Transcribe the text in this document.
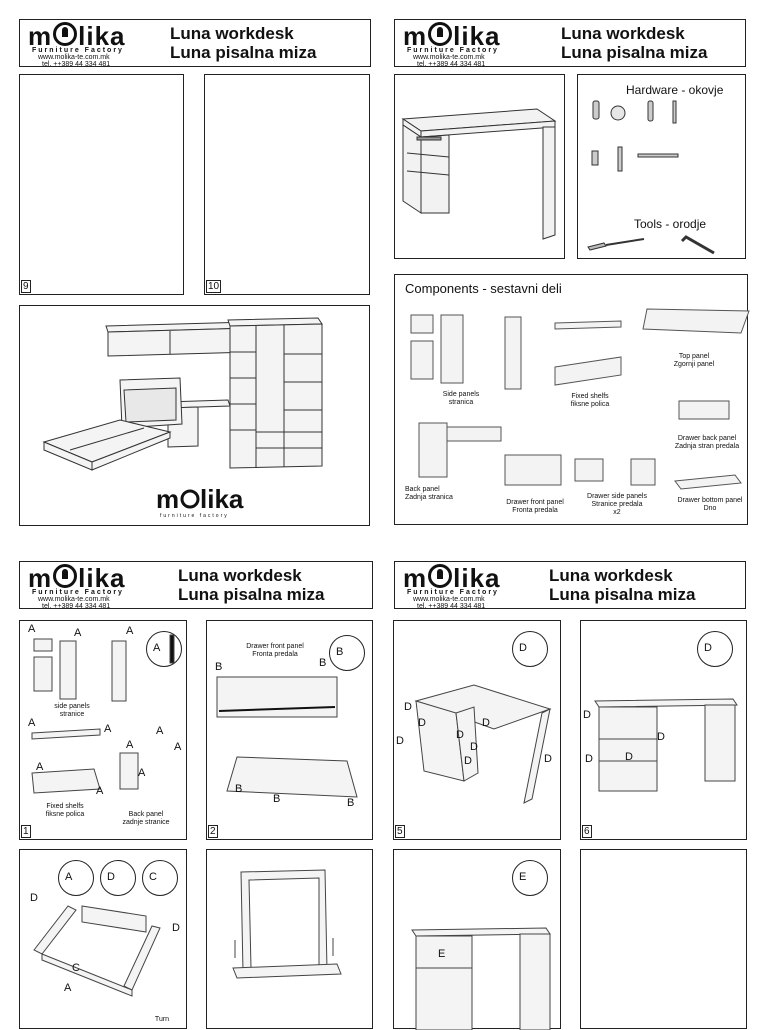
m lika
Furniture Factory
www.molika-te.com.mk
tel. ++389 44 334 481
Luna workdesk
Luna pisalna miza
m lika
Furniture Factory
www.molika-te.com.mk
tel. ++389 44 334 481
Luna workdesk
Luna pisalna miza
m lika
Furniture Factory
www.molika-te.com.mk
tel. ++389 44 334 481
Luna workdesk
Luna pisalna miza
m lika
Furniture Factory
www.molika-te.com.mk
tel. ++389 44 334 481
Luna workdesk
Luna pisalna miza
9	10
m lika
furniture factory
Hardware - okovje
Tools - orodje
Components - sestavni deli
Side panels
stranica
Fixed shelfs
fiksne polica
Top panel
Zgornji panel
Drawer back panel
Zadnja stran predala
Back panel
Zadnja stranica
Drawer front panel
Fronta predala
Drawer side panels
Stranice predala
x2
Drawer bottom panel
Dno
1
A	A	A
A
side panels
stranice
A	A	A
A	A
A	A
A
Fixed shelfs
fiksne polica	Back panel
zadnje stranice
2
Drawer front panel
Fronta predala	B
B	B
B
B	B
5
D
D
D	D
D
D	D
D	D
6
D
D
D
D	D
A	D	C
D
D
C
A
Turn
E
E
